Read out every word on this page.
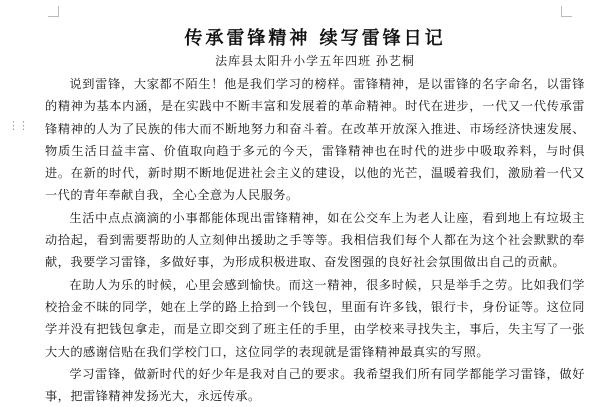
⋮⋮
传承雷锋精神 续写雷锋日记
法库县太阳升小学五年四班 孙艺桐

说到雷锋，大家都不陌生！他是我们学习的榜样。雷锋精神，是以雷锋的名字命名，以雷锋的精神为基本内涵，是在实践中不断丰富和发展着的革命精神。时代在进步，一代又一代传承雷锋精神的人为了民族的伟大而不断地努力和奋斗着。在改革开放深入推进、市场经济快速发展、物质生活日益丰富、价值取向趋于多元的今天，雷锋精神也在时代的进步中吸取养料，与时俱进。在新的时代，新时期不断地促进社会主义的建设，以他的光芒，温暖着我们，激励着一代又一代的青年奉献自我，全心全意为人民服务。

生活中点点滴滴的小事都能体现出雷锋精神，如在公交车上为老人让座，看到地上有垃圾主动拾起，看到需要帮助的人立刻伸出援助之手等等。我相信我们每个人都在为这个社会默默的奉献，我要学习雷锋，多做好事，为形成积极进取、奋发图强的良好社会氛围做出自己的贡献。

在助人为乐的时候，心里会感到愉快。而这一精神，很多时候，只是举手之劳。比如我们学校拾金不昧的同学，她在上学的路上拾到一个钱包，里面有许多钱，银行卡，身份证等。这位同学并没有把钱包拿走，而是立即交到了班主任的手里，由学校来寻找失主，事后，失主写了一张大大的感谢信贴在我们学校门口，这位同学的表现就是雷锋精神最真实的写照。

学习雷锋，做新时代的好少年是我对自己的要求。我希望我们所有同学都能学习雷锋，做好事，把雷锋精神发扬光大，永远传承。
